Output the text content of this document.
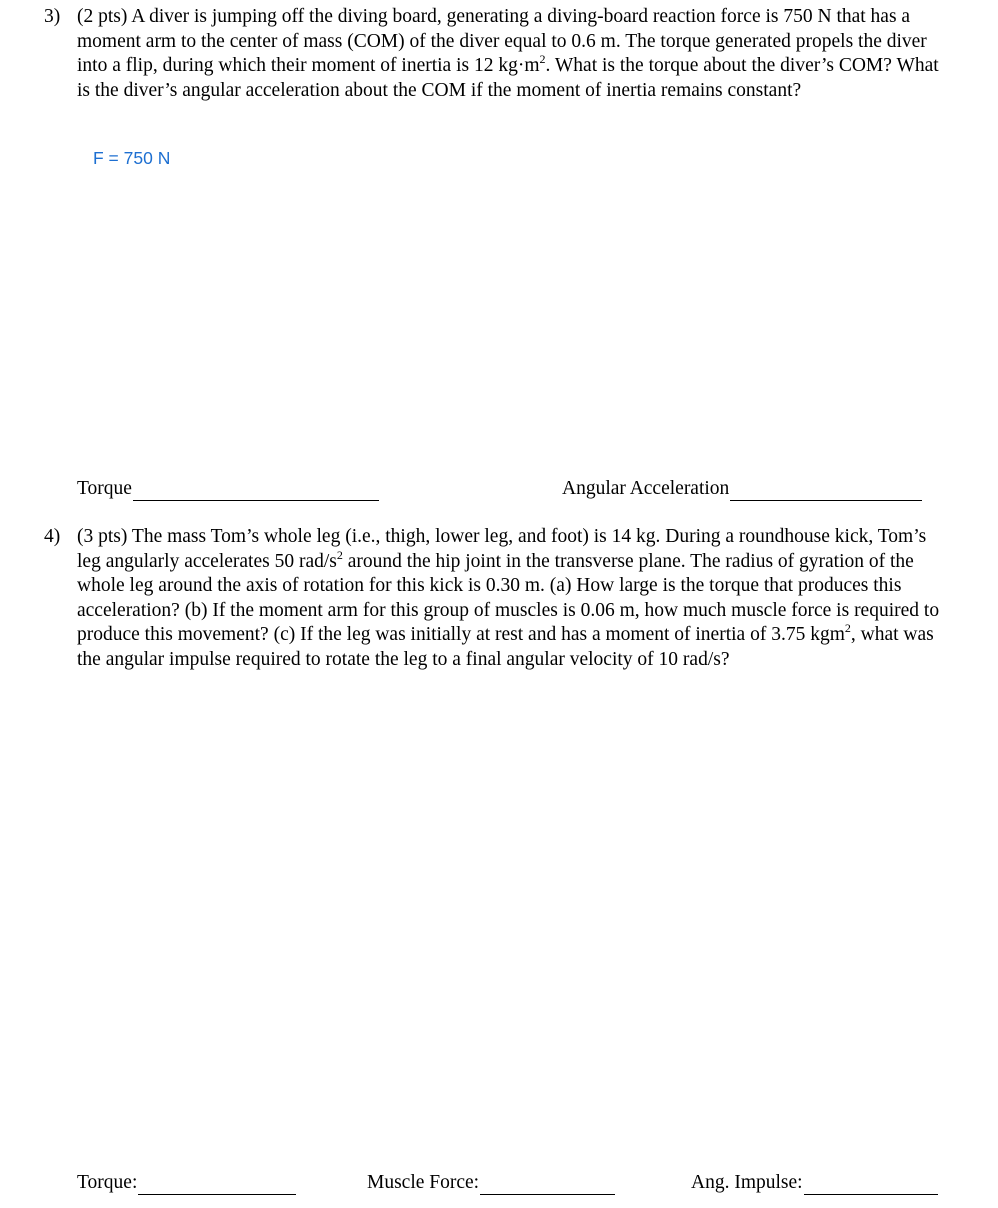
3) (2 pts) A diver is jumping off the diving board, generating a diving-board reaction force is 750 N that has a moment arm to the center of mass (COM) of the diver equal to 0.6 m. The torque generated propels the diver into a flip, during which their moment of inertia is 12 $kg\cdot m^2$. What is the torque about the diver’s COM? What is the diver’s angular acceleration about the COM if the moment of inertia remains constant?
F = 750 N
Torque	Angular Acceleration
4) (3 pts) The mass Tom’s whole leg (i.e., thigh, lower leg, and foot) is 14 kg. During a roundhouse kick, Tom’s leg angularly accelerates 50 rad/$s^2$ around the hip joint in the transverse plane. The radius of gyration of the whole leg around the axis of rotation for this kick is 0.30 m. (a) How large is the torque that produces this acceleration? (b) If the moment arm for this group of muscles is 0.06 m, how much muscle force is required to produce this movement? (c) If the leg was initially at rest and has a moment of inertia of 3.75 kgm$^2$, what was the angular impulse required to rotate the leg to a final angular velocity of 10 rad/s?
Torque:	Muscle Force:	Ang. Impulse:
